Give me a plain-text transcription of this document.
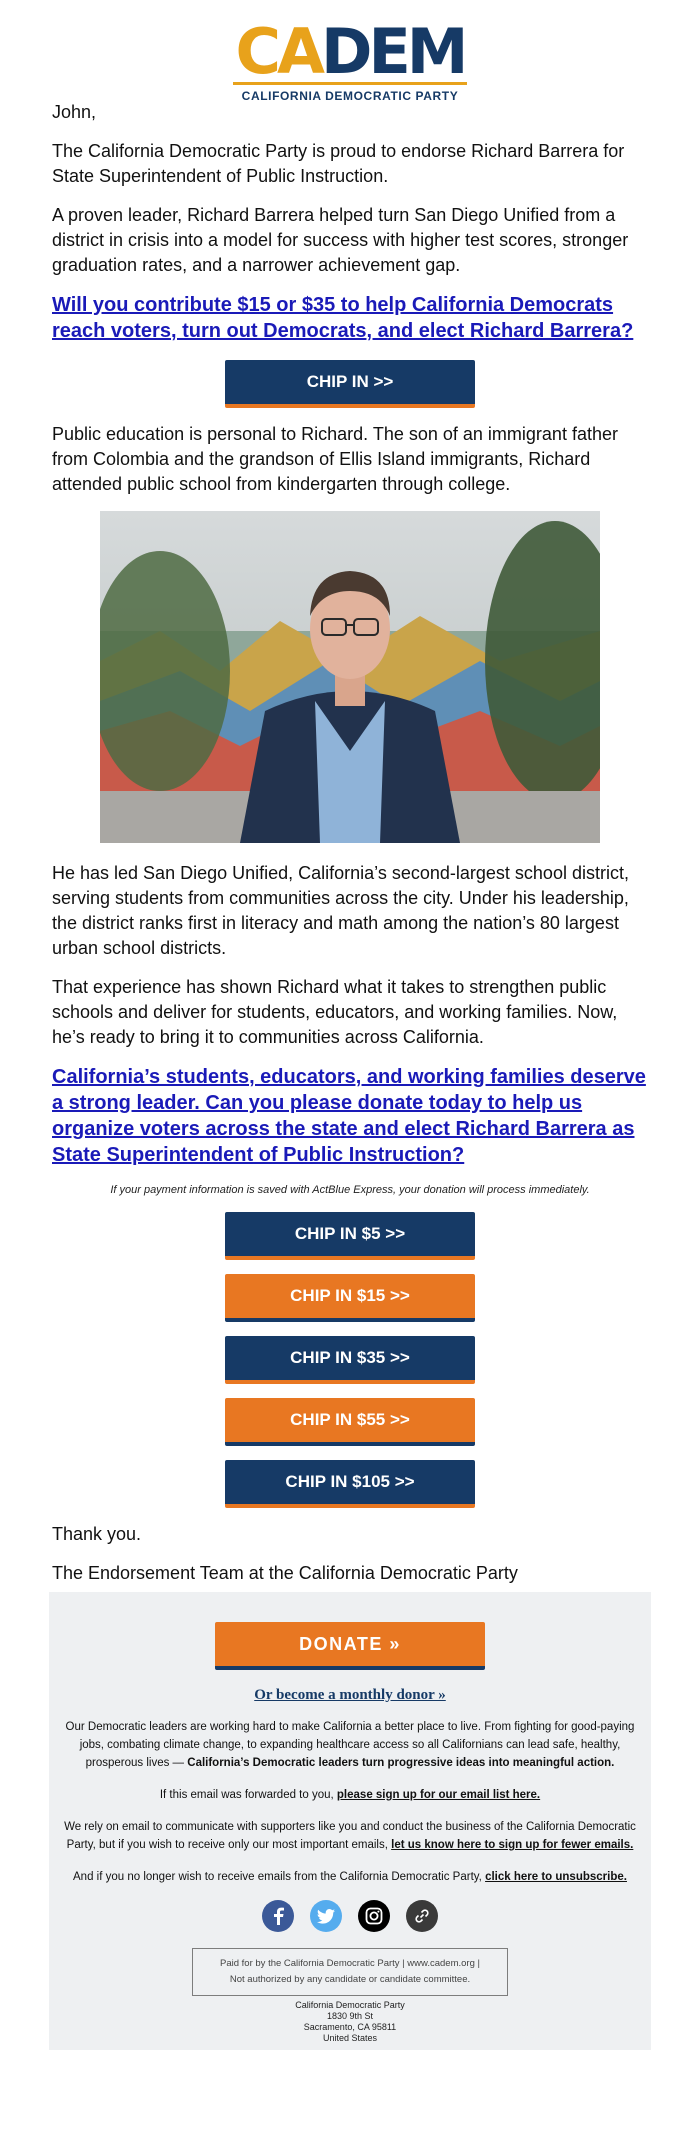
CADEM
CALIFORNIA DEMOCRATIC PARTY

John,

The California Democratic Party is proud to endorse Richard Barrera for State Superintendent of Public Instruction.

A proven leader, Richard Barrera helped turn San Diego Unified from a district in crisis into a model for success with higher test scores, stronger graduation rates, and a narrower achievement gap.

Will you contribute $15 or $35 to help California Democrats reach voters, turn out Democrats, and elect Richard Barrera?
CHIP IN >>

Public education is personal to Richard. The son of an immigrant father from Colombia and the grandson of Ellis Island immigrants, Richard attended public school from kindergarten through college.

He has led San Diego Unified, California’s second-largest school district, serving students from communities across the city. Under his leadership, the district ranks first in literacy and math among the nation’s 80 largest urban school districts.

That experience has shown Richard what it takes to strengthen public schools and deliver for students, educators, and working families. Now, he’s ready to bring it to communities across California.

California’s students, educators, and working families deserve a strong leader. Can you please donate today to help us organize voters across the state and elect Richard Barrera as State Superintendent of Public Instruction?
If your payment information is saved with ActBlue Express, your donation will process immediately.
CHIP IN $5 >>
CHIP IN $15 >>
CHIP IN $35 >>
CHIP IN $55 >>
CHIP IN $105 >>

Thank you.

The Endorsement Team at the California Democratic Party

DONATE »
Or become a monthly donor »

Our Democratic leaders are working hard to make California a better place to live. From fighting for good-paying jobs, combating climate change, to expanding healthcare access so all Californians can lead safe, healthy, prosperous lives — California’s Democratic leaders turn progressive ideas into meaningful action.

If this email was forwarded to you, please sign up for our email list here.

We rely on email to communicate with supporters like you and conduct the business of the California Democratic Party, but if you wish to receive only our most important emails, let us know here to sign up for fewer emails.

And if you no longer wish to receive emails from the California Democratic Party, click here to unsubscribe.

Paid for by the California Democratic Party | www.cadem.org |
Not authorized by any candidate or candidate committee.
California Democratic Party
1830 9th St
Sacramento, CA 95811
United States
